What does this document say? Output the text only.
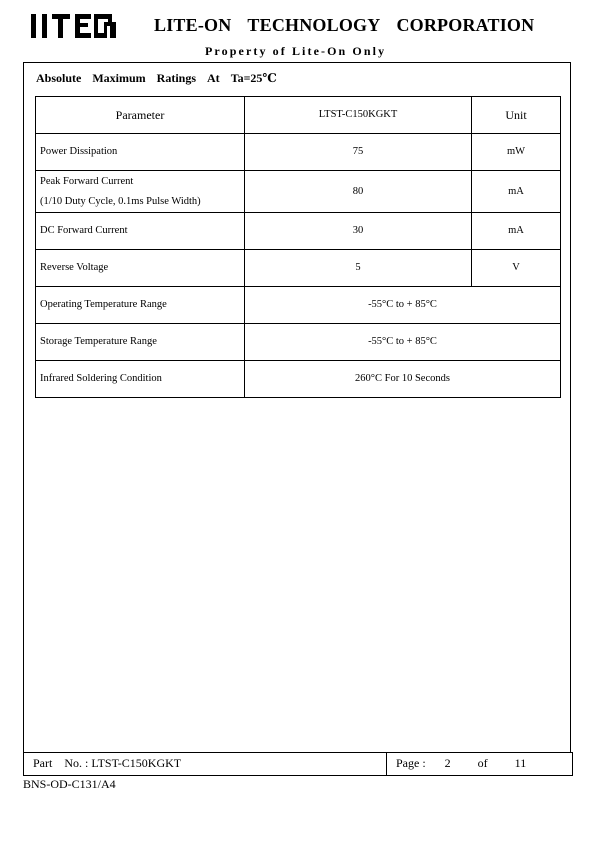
LITE-ON TECHNOLOGY CORPORATION
Property of Lite-On Only
Absolute Maximum Ratings At Ta=25℃
Parameter	LTST-C150KGKT	Unit
Power Dissipation	75	mW

Peak Forward Current
(1/10 Duty Cycle, 0.1ms Pulse Width)	80	mA
DC Forward Current	30	mA
Reverse Voltage	5	V
Operating Temperature Range	-55°C to + 85°C	
Storage Temperature Range	-55°C to + 85°C	
Infrared Soldering Condition	260°C For 10 Seconds	
Part No. : LTST-C150KGKT	Page : 2 of 11
BNS-OD-C131/A4
